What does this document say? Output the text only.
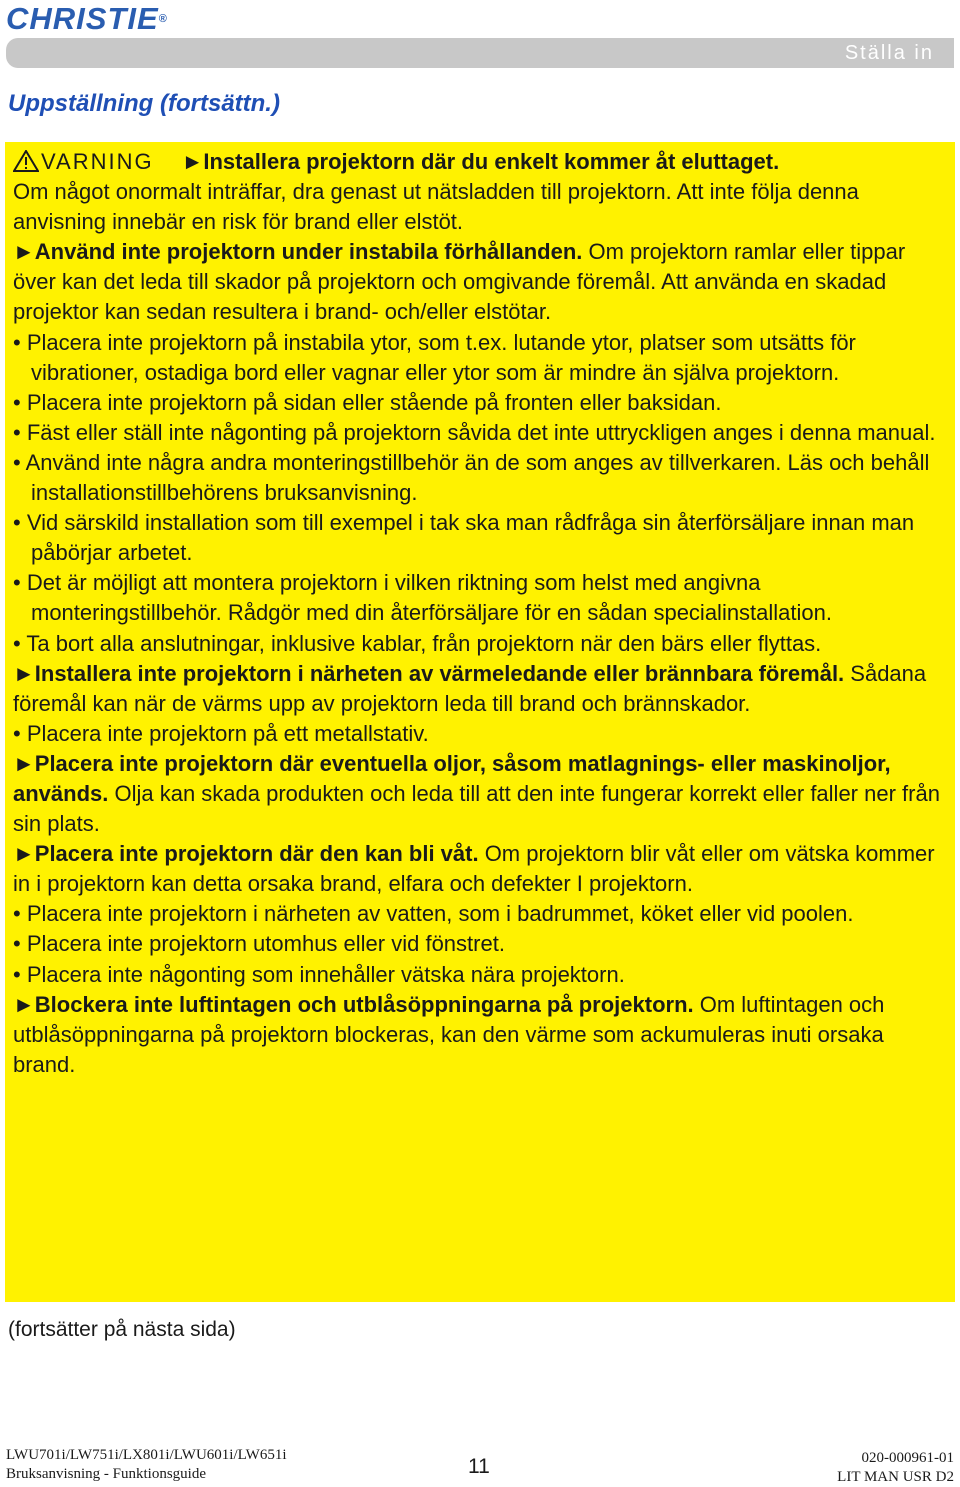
CHRISTIE®
Ställa in
Uppställning (fortsättn.)

VARNING ►Installera projektorn där du enkelt kommer åt eluttaget.
Om något onormalt inträffar, dra genast ut nätsladden till projektorn. Att inte följa denna anvisning innebär en risk för brand eller elstöt.

►Använd inte projektorn under instabila förhållanden. Om projektorn ramlar eller tippar över kan det leda till skador på projektorn och omgivande föremål. Att använda en skadad projektor kan sedan resultera i brand- och/eller elstötar.

• Placera inte projektorn på instabila ytor, som t.ex. lutande ytor, platser som utsätts för vibrationer, ostadiga bord eller vagnar eller ytor som är mindre än själva projektorn.

• Placera inte projektorn på sidan eller stående på fronten eller baksidan.

• Fäst eller ställ inte någonting på projektorn såvida det inte uttryckligen anges i denna manual.

• Använd inte några andra monteringstillbehör än de som anges av tillverkaren. Läs och behåll installationstillbehörens bruksanvisning.

• Vid särskild installation som till exempel i tak ska man rådfråga sin återförsäljare innan man påbörjar arbetet.

• Det är möjligt att montera projektorn i vilken riktning som helst med angivna monteringstillbehör. Rådgör med din återförsäljare för en sådan specialinstallation.

• Ta bort alla anslutningar, inklusive kablar, från projektorn när den bärs eller flyttas.

►Installera inte projektorn i närheten av värmeledande eller brännbara föremål. Sådana föremål kan när de värms upp av projektorn leda till brand och brännskador.

• Placera inte projektorn på ett metallstativ.

►Placera inte projektorn där eventuella oljor, såsom matlagnings- eller maskinoljor, används. Olja kan skada produkten och leda till att den inte fungerar korrekt eller faller ner från sin plats.

►Placera inte projektorn där den kan bli våt. Om projektorn blir våt eller om vätska kommer in i projektorn kan detta orsaka brand, elfara och defekter I projektorn.

• Placera inte projektorn i närheten av vatten, som i badrummet, köket eller vid poolen.

• Placera inte projektorn utomhus eller vid fönstret.

• Placera inte någonting som innehåller vätska nära projektorn.

►Blockera inte luftintagen och utblåsöppningarna på projektorn. Om luftintagen och utblåsöppningarna på projektorn blockeras, kan den värme som ackumuleras inuti orsaka brand.

(fortsätter på nästa sida)
LWU701i/LW751i/LX801i/LWU601i/LW651i
Bruksanvisning - Funktionsguide	11	020-000961-01
LIT MAN USR D2
